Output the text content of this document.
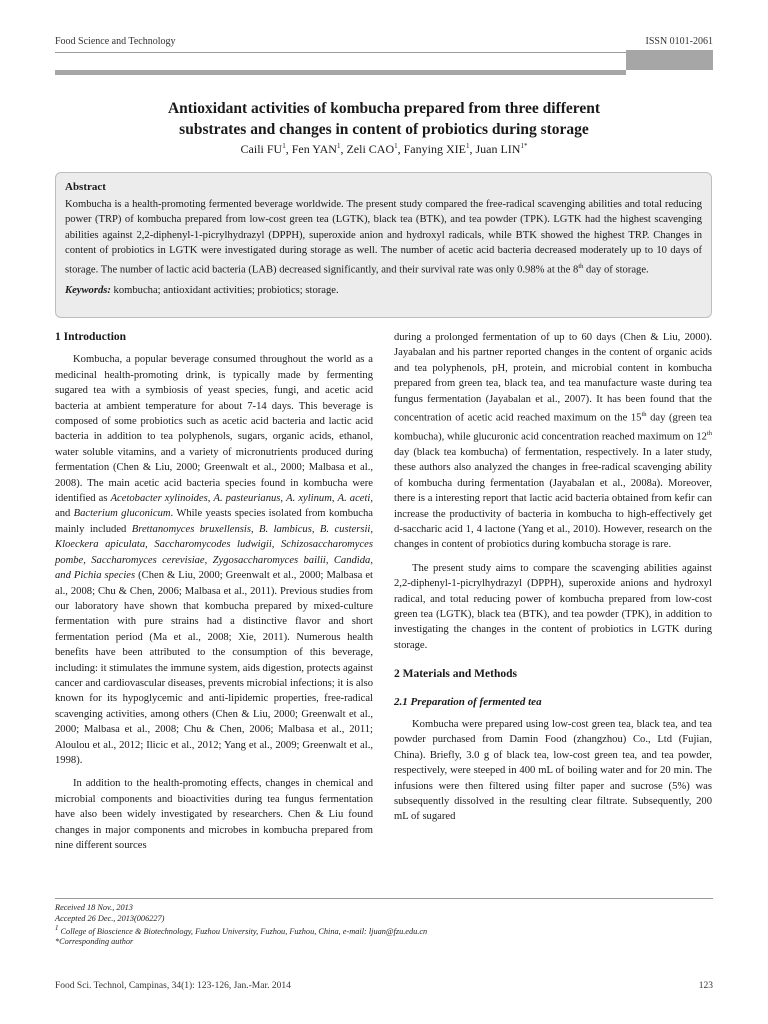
Food Science and Technology	ISSN 0101-2061
Antioxidant activities of kombucha prepared from three different
substrates and changes in content of probiotics during storage
Caili $FU^1$, Fen YAN$^1$, Zeli CAO$^1$, Fanying XIE$^1$, Juan $LIN^{1*}$
Abstract
Kombucha is a health-promoting fermented beverage worldwide. The present study compared the free-radical scavenging abilities and total reducing power (TRP) of kombucha prepared from low-cost green tea (LGTK), black tea (BTK), and tea powder (TPK). LGTK had the highest scavenging abilities against 2,2-diphenyl-1-picrylhydrazyl (DPPH), superoxide anion and hydroxyl radicals, while BTK showed the highest TRP. Changes in content of probiotics in LGTK were investigated during storage as well. The number of acetic acid bacteria decreased moderately up to 10 days of storage. The number of lactic acid bacteria (LAB) decreased significantly, and their survival rate was only 0.98% at the 8th day of storage.
Keywords: kombucha; antioxidant activities; probiotics; storage.
1 Introduction

Kombucha, a popular beverage consumed throughout the world as a medicinal health-promoting drink, is typically made by fermenting sugared tea with a symbiosis of yeast species, fungi, and acetic acid bacteria at ambient temperature for about 7-14 days. This beverage is composed of some probiotics such as acetic acid bacteria and lactic acid bacteria in addition to tea polyphenols, sugars, organic acids, ethanol, water soluble vitamins, and a variety of micronutrients produced during fermentation (Chen & Liu, 2000; Greenwalt et al., 2000; Malbasa et al., 2008). The main acetic acid bacteria species found in kombucha were identified as Acetobacter xylinoides, A. pasteurianus, A. xylinum, A. aceti, and Bacterium gluconicum. While yeasts species isolated from kombucha mainly included Brettanomyces bruxellensis, B. lambicus, B. custersii, Kloeckera apiculata, Saccharomycodes ludwigii, Schizosaccharomyces pombe, Saccharomyces cerevisiae, Zygosaccharomyces bailii, Candida, and Pichia species (Chen & Liu, 2000; Greenwalt et al., 2000; Malbasa et al., 2008; Chu & Chen, 2006; Malbasa et al., 2011). Previous studies from our laboratory have shown that kombucha prepared by mixed-culture fermentation with pure strains had a distinctive flavor and short fermentation period (Ma et al., 2008; Xie, 2011). Numerous health benefits have been attributed to the consumption of this beverage, including: it stimulates the immune system, aids digestion, protects against cancer and cardiovascular diseases, prevents microbial infections; it is also known for its hypoglycemic and anti-lipidemic properties, free-radical scavenging activities, among others (Chen & Liu, 2000; Greenwalt et al., 2000; Malbasa et al., 2008; Chu & Chen, 2006; Malbasa et al., 2011; Aloulou et al., 2012; Ilicic et al., 2012; Yang et al., 2009; Greenwalt et al., 1998).

In addition to the health-promoting effects, changes in chemical and microbial components and bioactivities during tea fungus fermentation have also been widely investigated by researchers. Chen & Liu found changes in major components and microbes in kombucha prepared from nine different sources

during a prolonged fermentation of up to 60 days (Chen & Liu, 2000). Jayabalan and his partner reported changes in the content of organic acids and tea polyphenols, pH, protein, and microbial content in kombucha prepared from green tea, black tea, and tea manufacture waste during tea fungus fermentation (Jayabalan et al., 2007). It has been found that the concentration of acetic acid reached maximum on the 15th day (green tea kombucha), while glucuronic acid concentration reached maximum on 12th day (black tea kombucha) of fermentation, respectively. In a later study, these authors also analyzed the changes in free-radical scavenging ability of kombucha during fermentation (Jayabalan et al., 2008a). Moreover, there is a interesting report that lactic acid bacteria obtained from kefir can increase the productivity of bacteria in kombucha to high-effectively get d-saccharic acid 1, 4 lactone (Yang et al., 2010). However, research on the changes in content of probiotics during kombucha storage is rare.

The present study aims to compare the scavenging abilities against 2,2-diphenyl-1-picrylhydrazyl (DPPH), superoxide anions and hydroxyl radical, and total reducing power of kombucha prepared from low-cost green tea (LGTK), black tea (BTK), and tea powder (TPK), in addition to investigating the changes in the content of probiotics in LGTK during storage.

2 Materials and Methods
2.1 Preparation of fermented tea

Kombucha were prepared using low-cost green tea, black tea, and tea powder purchased from Damin Food (zhangzhou) Co., Ltd (Fujian, China). Briefly, 3.0 g of black tea, low-cost green tea, and tea powder, respectively, were steeped in 400 mL of boiling water and for 20 min. The infusions were then filtered using filter paper and sucrose (5%) was subsequently dissolved in the resulting clear filtrate. Subsequently, 200 mL of sugared

Received 18 Nov., 2013
Accepted 26 Dec., 2013(006227)
$^1$ College of Bioscience & Biotechnology, Fuzhou University, Fuzhou, Fuzhou, China, e-mail: ljuan@fzu.edu.cn
*Corresponding author
Food Sci. Technol, Campinas, 34(1): 123-126, Jan.-Mar. 2014	123
